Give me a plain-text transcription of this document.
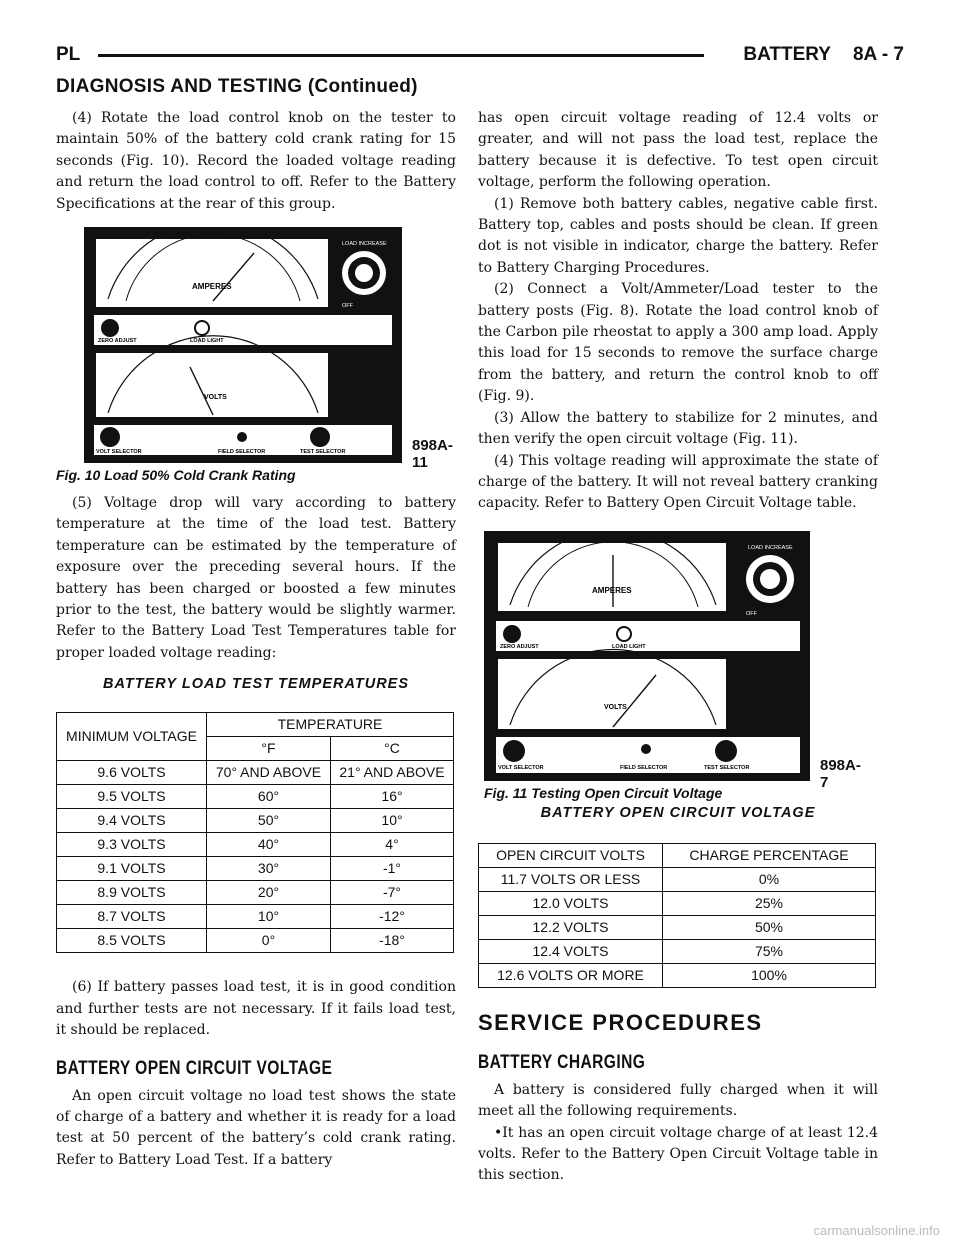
PL	BATTERY 8A - 7
DIAGNOSIS AND TESTING (Continued)

(4) Rotate the load control knob on the tester to maintain 50% of the battery cold crank rating for 15 seconds (Fig. 10). Record the loaded voltage reading and return the load control to off. Refer to the Battery Specifications at the rear of this group.

AMPERES
LOAD INCREASE
OFF
ZERO ADJUST	LOAD LIGHT
VOLTS
VOLT SELECTOR	FIELD SELECTOR	TEST SELECTOR	898A-11
Fig. 10 Load 50% Cold Crank Rating

(5) Voltage drop will vary according to battery temperature at the time of the load test. Battery temperature can be estimated by the temperature of exposure over the preceding several hours. If the battery has been charged or boosted a few minutes prior to the test, the battery would be slightly warmer. Refer to the Battery Load Test Temperatures table for proper loaded voltage reading:

BATTERY LOAD TEST TEMPERATURES
MINIMUM VOLTAGE	TEMPERATURE	
	°F	°C
9.6 VOLTS	70° AND ABOVE	21° AND ABOVE
9.5 VOLTS	60°	16°
9.4 VOLTS	50°	10°
9.3 VOLTS	40°	4°
9.1 VOLTS	30°	-1°
8.9 VOLTS	20°	-7°
8.7 VOLTS	10°	-12°
8.5 VOLTS	0°	-18°

(6) If battery passes load test, it is in good condition and further tests are not necessary. If it fails load test, it should be replaced.

BATTERY OPEN CIRCUIT VOLTAGE

An open circuit voltage no load test shows the state of charge of a battery and whether it is ready for a load test at 50 percent of the battery’s cold crank rating. Refer to Battery Load Test. If a battery

has open circuit voltage reading of 12.4 volts or greater, and will not pass the load test, replace the battery because it is defective. To test open circuit voltage, perform the following operation.

(1) Remove both battery cables, negative cable first. Battery top, cables and posts should be clean. If green dot is not visible in indicator, charge the battery. Refer to Battery Charging Procedures.

(2) Connect a Volt/Ammeter/Load tester to the battery posts (Fig. 8). Rotate the load control knob of the Carbon pile rheostat to apply a 300 amp load. Apply this load for 15 seconds to remove the surface charge from the battery, and return the control knob to off (Fig. 9).

(3) Allow the battery to stabilize for 2 minutes, and then verify the open circuit voltage (Fig. 11).

(4) This voltage reading will approximate the state of charge of the battery. It will not reveal battery cranking capacity. Refer to Battery Open Circuit Voltage table.

AMPERES
LOAD INCREASE
OFF
ZERO ADJUST	LOAD LIGHT
VOLTS
VOLT SELECTOR	FIELD SELECTOR	TEST SELECTOR	898A-7
Fig. 11 Testing Open Circuit Voltage
BATTERY OPEN CIRCUIT VOLTAGE
OPEN CIRCUIT VOLTS	CHARGE PERCENTAGE
11.7 VOLTS OR LESS	0%
12.0 VOLTS	25%
12.2 VOLTS	50%
12.4 VOLTS	75%
12.6 VOLTS OR MORE	100%
SERVICE PROCEDURES
BATTERY CHARGING

A battery is considered fully charged when it will meet all the following requirements.

•It has an open circuit voltage charge of at least 12.4 volts. Refer to the Battery Open Circuit Voltage table in this section.

carmanualsonline.info
